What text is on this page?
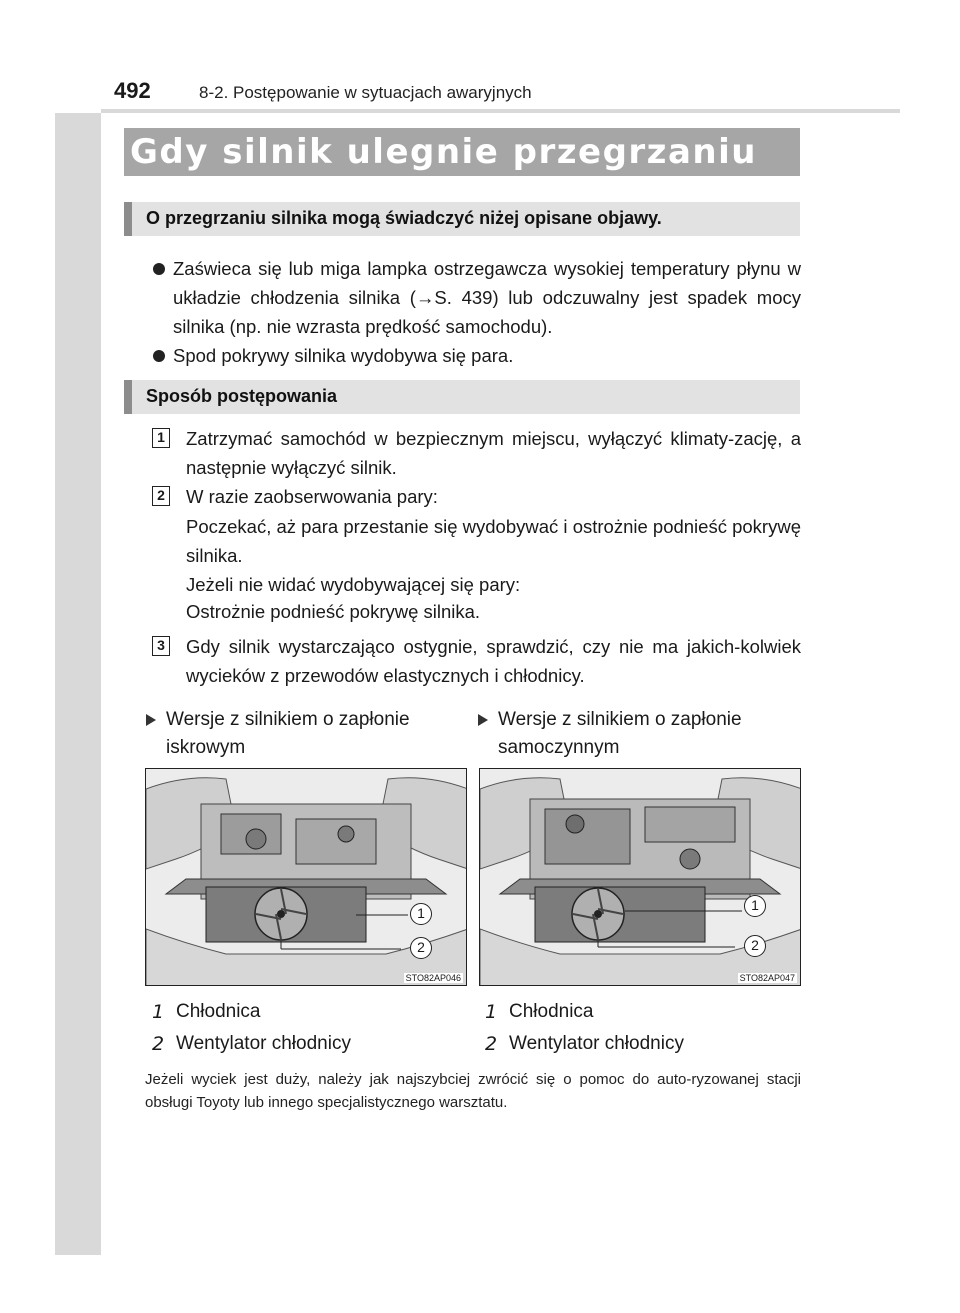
492	8-2. Postępowanie w sytuacjach awaryjnych
Gdy silnik ulegnie przegrzaniu
O przegrzaniu silnika mogą świadczyć niżej opisane objawy.
Zaświeca się lub miga lampka ostrzegawcza wysokiej temperatury płynu w układzie chłodzenia silnika (→S. 439) lub odczuwalny jest spadek mocy silnika (np. nie wzrasta prędkość samochodu).
Spod pokrywy silnika wydobywa się para.
Sposób postępowania
1 Zatrzymać samochód w bezpiecznym miejscu, wyłączyć klimaty-zację, a następnie wyłączyć silnik.
2 W razie zaobserwowania pary:
Poczekać, aż para przestanie się wydobywać i ostrożnie podnieść pokrywę silnika.
Jeżeli nie widać wydobywającej się pary:
Ostrożnie podnieść pokrywę silnika.
3 Gdy silnik wystarczająco ostygnie, sprawdzić, czy nie ma jakich-kolwiek wycieków z przewodów elastycznych i chłodnicy.
Wersje z silnikiem o zapłonie iskrowym
Wersje z silnikiem o zapłonie samoczynnym
1
2
STO82AP046
1
2
STO82AP047
1 Chłodnica
2 Wentylator chłodnicy
1 Chłodnica
2 Wentylator chłodnicy
Jeżeli wyciek jest duży, należy jak najszybciej zwrócić się o pomoc do auto-ryzowanej stacji obsługi Toyoty lub innego specjalistycznego warsztatu.
